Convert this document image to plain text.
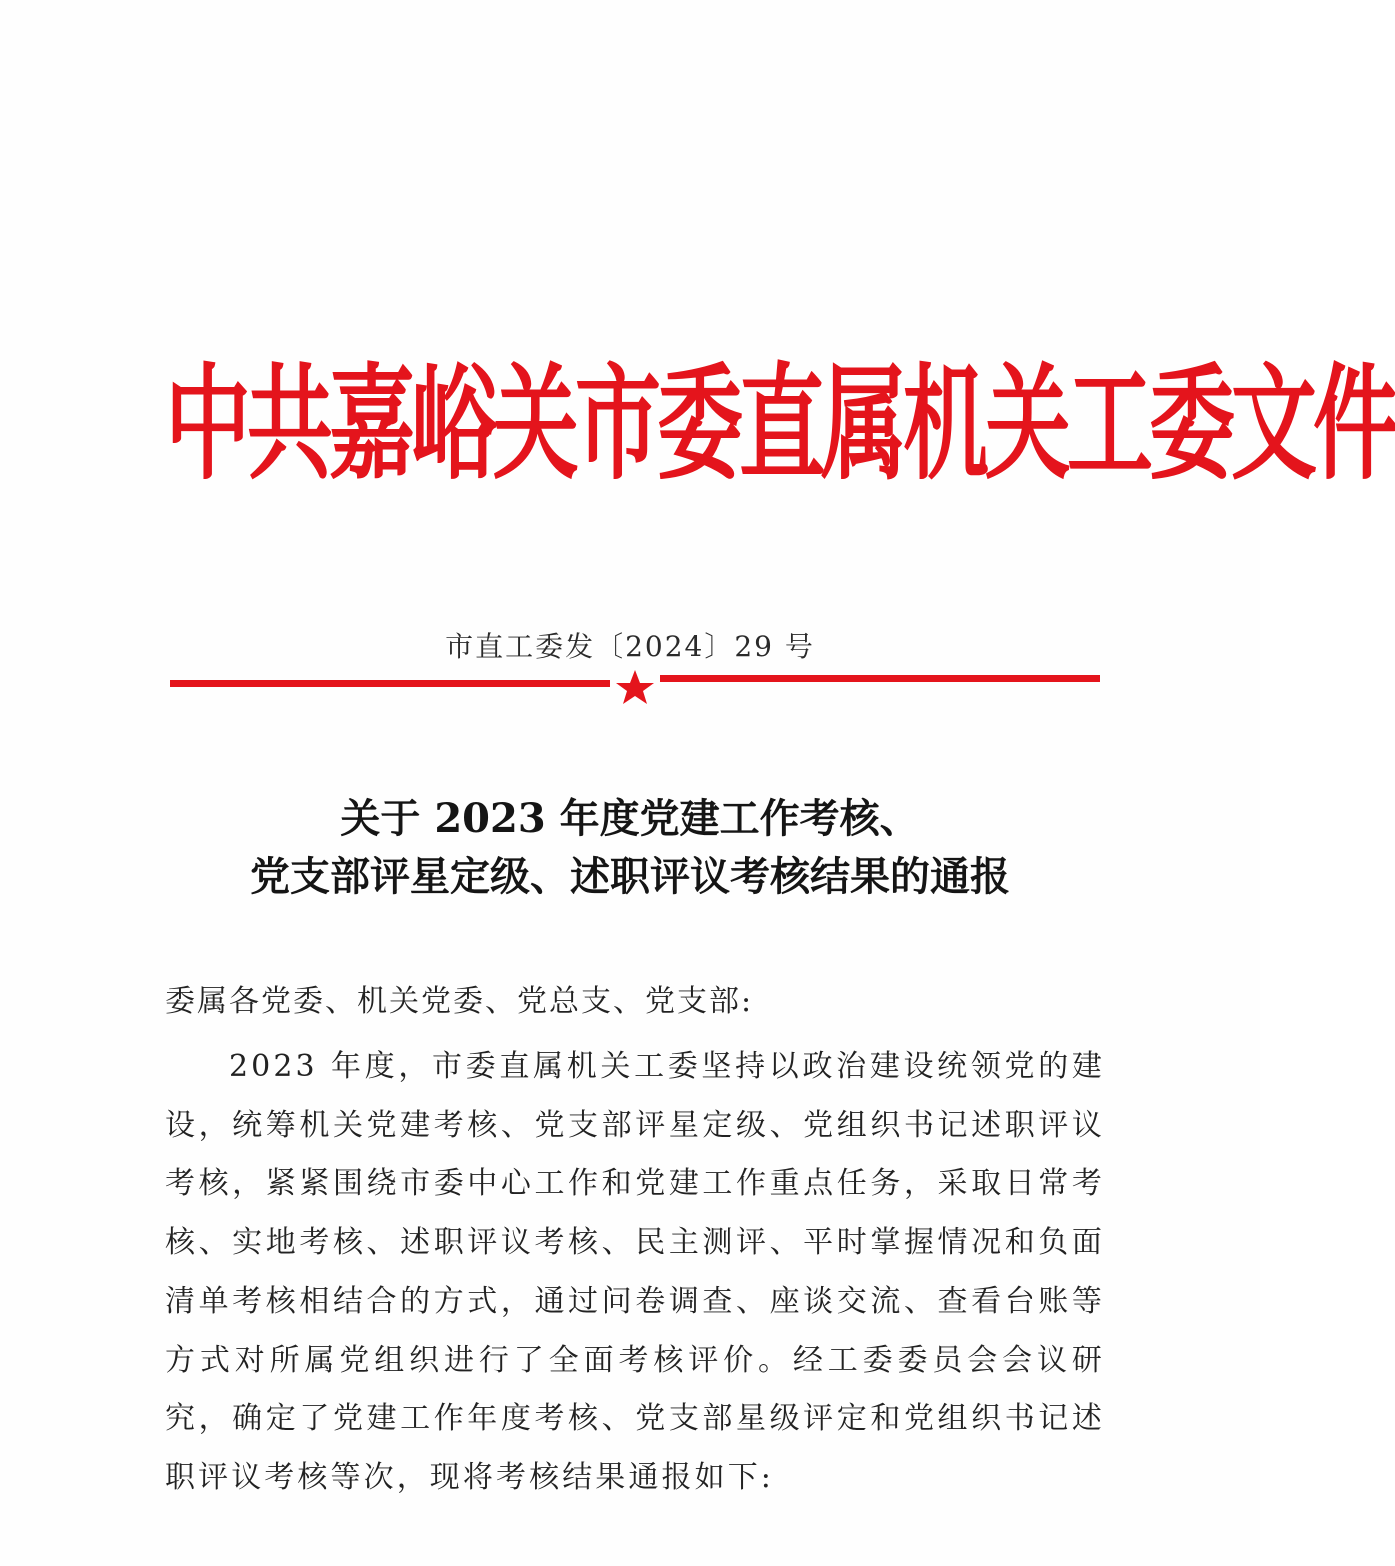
中共嘉峪关市委直属机关工委文件
市直工委发〔2024〕29 号
关于 2023 年度党建工作考核、
党支部评星定级、述职评议考核结果的通报
委属各党委、机关党委、党总支、党支部:
2023 年度，市委直属机关工委坚持以政治建设统领党的建设，统筹机关党建考核、党支部评星定级、党组织书记述职评议考核，紧紧围绕市委中心工作和党建工作重点任务，采取日常考核、实地考核、述职评议考核、民主测评、平时掌握情况和负面清单考核相结合的方式，通过问卷调查、座谈交流、查看台账等方式对所属党组织进行了全面考核评价。经工委委员会会议研究，确定了党建工作年度考核、党支部星级评定和党组织书记述职评议考核等次，现将考核结果通报如下:
